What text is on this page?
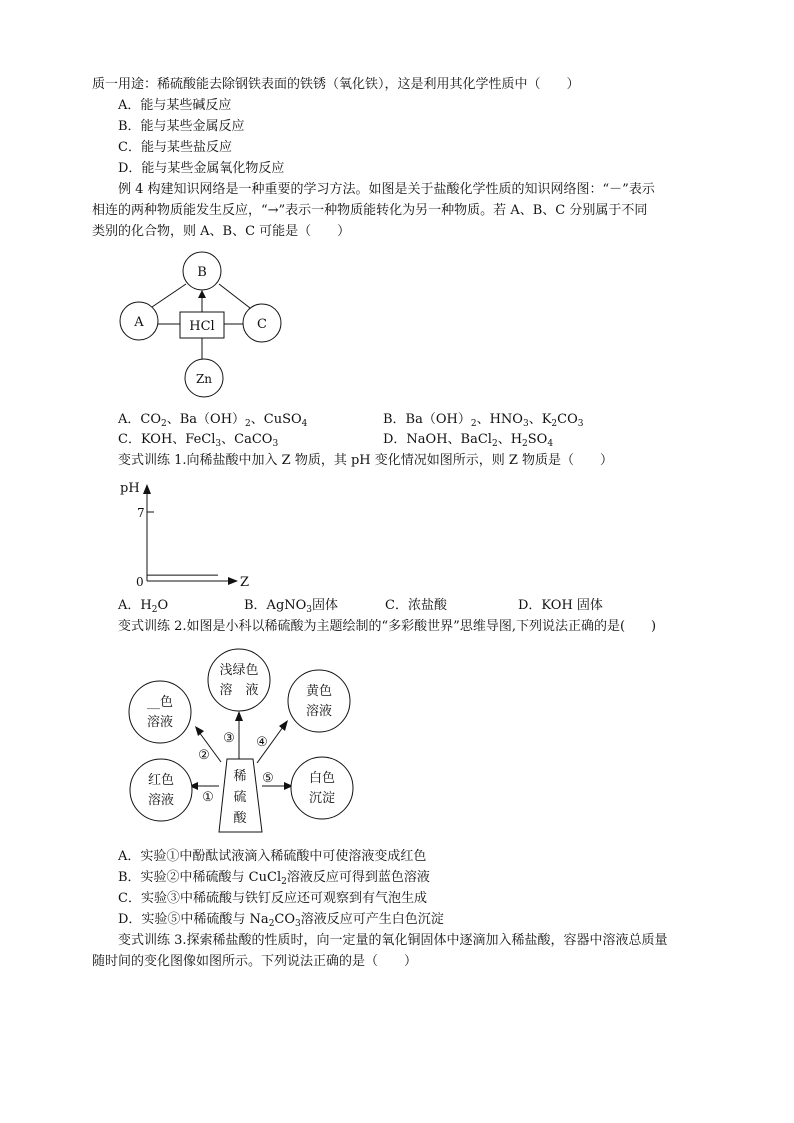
质一用途：稀硫酸能去除钢铁表面的铁锈（氧化铁），这是利用其化学性质中（　　）
A．能与某些碱反应
B．能与某些金属反应
C．能与某些盐反应
D．能与某些金属氧化物反应
例 4 构建知识网络是一种重要的学习方法。如图是关于盐酸化学性质的知识网络图：“－”表示
相连的两种物质能发生反应，“→”表示一种物质能转化为另一种物质。若 A、B、C 分别属于不同
类别的化合物，则 A、B、C 可能是（　　）
B
A	C
HCl
Zn
A．$CO_2$、$Ba(OH)_2$、CuSO$_4$	B．$Ba(OH)_2$、$HNO_3$、$K_2CO_3$
C．KOH、FeCl$_3$、CaCO$_3$	D．NaOH、BaCl$_2$、$H_2SO_4$
变式训练 1.向稀盐酸中加入 Z 物质，其 pH 变化情况如图所示，则 Z 物质是（　　）
pH
Z
7
0
A．$H_2O$	B．AgNO$_3$固体	C．浓盐酸	D．KOH 固体
变式训练 2.如图是小科以稀硫酸为主题绘制的“多彩酸世界”思维导图,下列说法正确的是(　　)
稀
硫
酸
红色
溶液
__色
溶液
浅绿色
溶　液	黄色
溶液
白色
沉淀
①
②
③ ④
⑤
A．实验①中酚酞试液滴入稀硫酸中可使溶液变成红色
B．实验②中稀硫酸与 CuCl$_2$溶液反应可得到蓝色溶液
C．实验③中稀硫酸与铁钉反应还可观察到有气泡生成
D．实验⑤中稀硫酸与 $Na_2CO_3$溶液反应可产生白色沉淀
变式训练 3.探索稀盐酸的性质时，向一定量的氧化铜固体中逐滴加入稀盐酸，容器中溶液总质量
随时间的变化图像如图所示。下列说法正确的是（　　）
